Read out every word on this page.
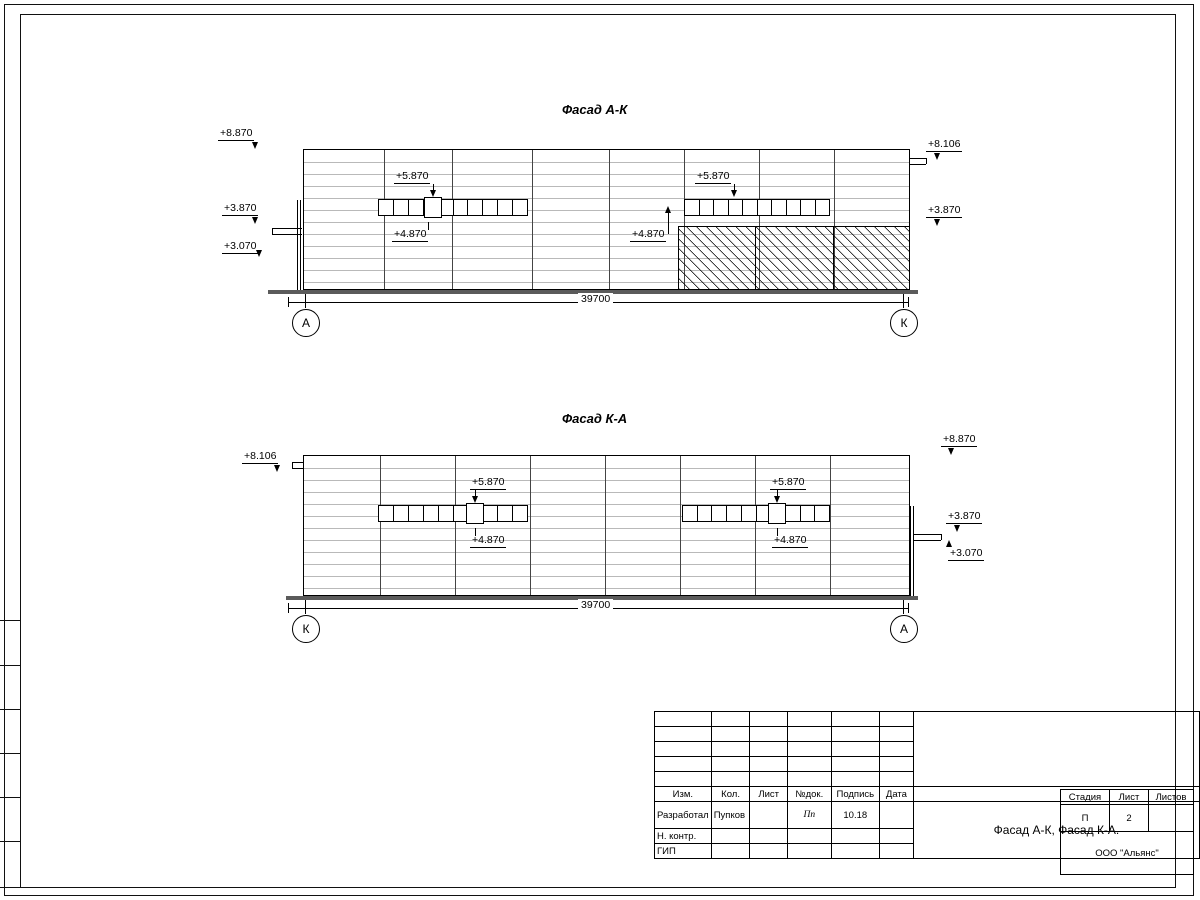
Фасад А-К
+8.870
+3.870
+3.070
+8.106
+3.870
+5.870
+4.870
+5.870
+4.870
39700
А	К
Фасад К-А
+8.106
+8.870
+3.870
+3.070
+5.870
+4.870
+5.870
+4.870
39700
К	А

Изм.	Кол.	Лист	№док.	Подпись	Дата	
Разработал	Пупков		Пп	10.18		Фасад А-К, Фасад К-А.
Н. контр.						
ГИП						
Стадия	Лист	Листов
П	2	
ООО "Альянс"		
